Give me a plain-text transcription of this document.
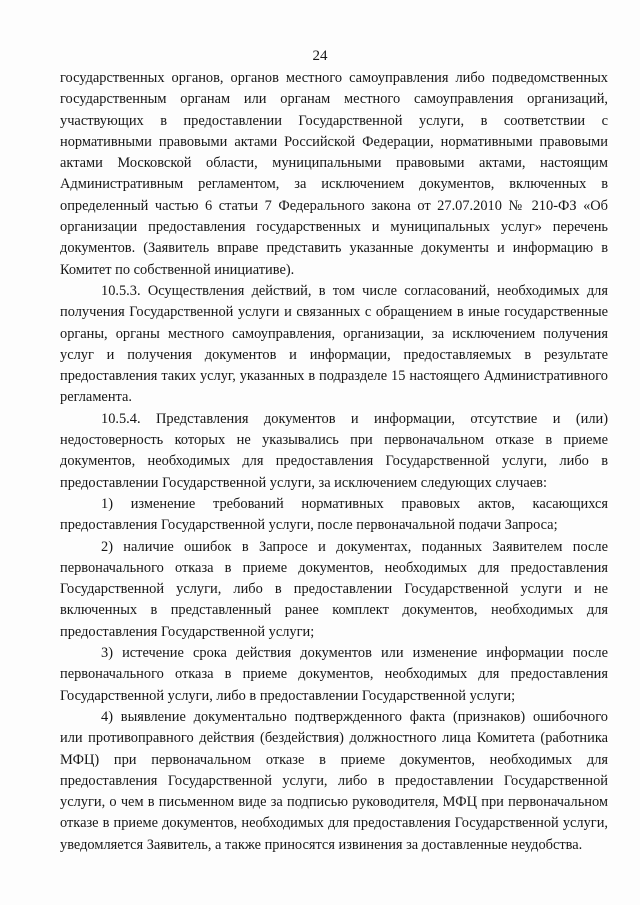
24

государственных органов, органов местного самоуправления либо подведомственных государственным органам или органам местного самоуправления организаций, участвующих в предоставлении Государственной услуги, в соответствии с нормативными правовыми актами Российской Федерации, нормативными правовыми актами Московской области, муниципальными правовыми актами, настоящим Административным регламентом, за исключением документов, включенных в определенный частью 6 статьи 7 Федерального закона от 27.07.2010 № 210-ФЗ «Об организации предоставления государственных и муниципальных услуг» перечень документов. (Заявитель вправе представить указанные документы и информацию в Комитет по собственной инициативе).

10.5.3. Осуществления действий, в том числе согласований, необходимых для получения Государственной услуги и связанных с обращением в иные государственные органы, органы местного самоуправления, организации, за исключением получения услуг и получения документов и информации, предоставляемых в результате предоставления таких услуг, указанных в подразделе 15 настоящего Административного регламента.

10.5.4. Представления документов и информации, отсутствие и (или) недостоверность которых не указывались при первоначальном отказе в приеме документов, необходимых для предоставления Государственной услуги, либо в предоставлении Государственной услуги, за исключением следующих случаев:

1) изменение требований нормативных правовых актов, касающихся предоставления Государственной услуги, после первоначальной подачи Запроса;

2) наличие ошибок в Запросе и документах, поданных Заявителем после первоначального отказа в приеме документов, необходимых для предоставления Государственной услуги, либо в предоставлении Государственной услуги и не включенных в представленный ранее комплект документов, необходимых для предоставления Государственной услуги;

3) истечение срока действия документов или изменение информации после первоначального отказа в приеме документов, необходимых для предоставления Государственной услуги, либо в предоставлении Государственной услуги;

4) выявление документально подтвержденного факта (признаков) ошибочного или противоправного действия (бездействия) должностного лица Комитета (работника МФЦ) при первоначальном отказе в приеме документов, необходимых для предоставления Государственной услуги, либо в предоставлении Государственной услуги, о чем в письменном виде за подписью руководителя, МФЦ при первоначальном отказе в приеме документов, необходимых для предоставления Государственной услуги, уведомляется Заявитель, а также приносятся извинения за доставленные неудобства.
